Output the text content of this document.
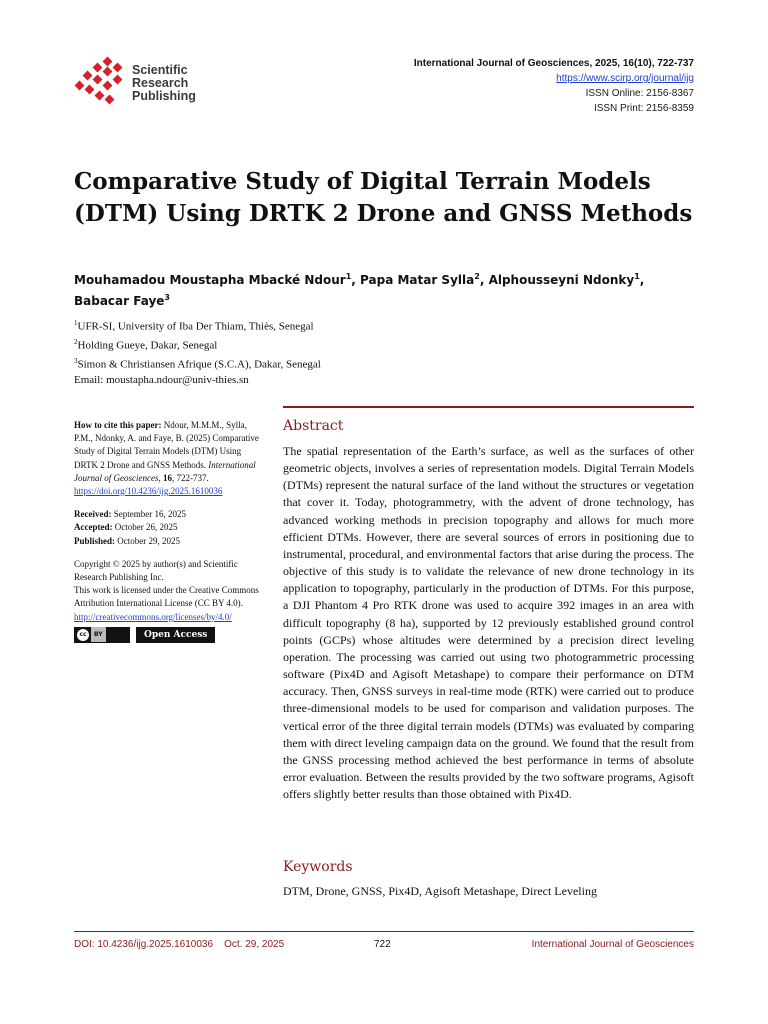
Scientific
Research
Publishing
International Journal of Geosciences, 2025, 16(10), 722-737
https://www.scirp.org/journal/ijg
ISSN Online: 2156-8367
ISSN Print: 2156-8359
Comparative Study of Digital Terrain Models
(DTM) Using DRTK 2 Drone and GNSS Methods
Mouhamadou Moustapha Mbacké Ndour$^1$, Papa Matar Sylla$^2$, Alphousseyni Ndonky$^1$,
Babacar Faye$^3$
$^1$UFR-SI, University of Iba Der Thiam, Thiès, Senegal
$^2$Holding Gueye, Dakar, Senegal
$^3$Simon & Christiansen Afrique (S.C.A), Dakar, Senegal
Email: moustapha.ndour@univ-thies.sn

How to cite this paper: Ndour, M.M.M., Sylla, P.M., Ndonky, A. and Faye, B. (2025) Comparative Study of Digital Terrain Models (DTM) Using DRTK 2 Drone and GNSS Methods. International Journal of Geosciences, 16, 722-737.

https://doi.org/10.4236/ijg.2025.1610036

Received: September 16, 2025

Accepted: October 26, 2025

Published: October 29, 2025

Copyright © 2025 by author(s) and Scientific Research Publishing Inc.

This work is licensed under the Creative Commons Attribution International License (CC BY 4.0).

http://creativecommons.org/licenses/by/4.0/

cc	BY	Open Access
Abstract
The spatial representation of the Earth’s surface, as well as the surfaces of other geometric objects, involves a series of representation models. Digital Terrain Models (DTMs) represent the natural surface of the land without the structures or vegetation that cover it. Today, photogrammetry, with the advent of drone technology, has advanced working methods in precision topography and allows for much more efficient DTMs. However, there are several sources of errors in positioning due to instrumental, procedural, and environmental factors that arise during the process. The objective of this study is to validate the relevance of new drone technology in its application to topography, particularly in the production of DTMs. For this purpose, a DJI Phantom 4 Pro RTK drone was used to acquire 392 images in an area with difficult topography (8 ha), supported by 12 previously established ground control points (GCPs) whose altitudes were determined by a precision direct leveling operation. The processing was carried out using two photogrammetric processing software (Pix4D and Agisoft Metashape) to compare their performance on DTM accuracy. Then, GNSS surveys in real-time mode (RTK) were carried out to produce three-dimensional models to be used for comparison and validation purposes. The vertical error of the three digital terrain models (DTMs) was evaluated by comparing them with direct leveling campaign data on the ground. We found that the result from the GNSS processing method achieved the best performance in terms of absolute error evaluation. Between the results provided by the two software programs, Agisoft offers slightly better results than those obtained with Pix4D.
Keywords
DTM, Drone, GNSS, Pix4D, Agisoft Metashape, Direct Leveling
DOI: 10.4236/ijg.2025.1610036 Oct. 29, 2025	722	International Journal of Geosciences
